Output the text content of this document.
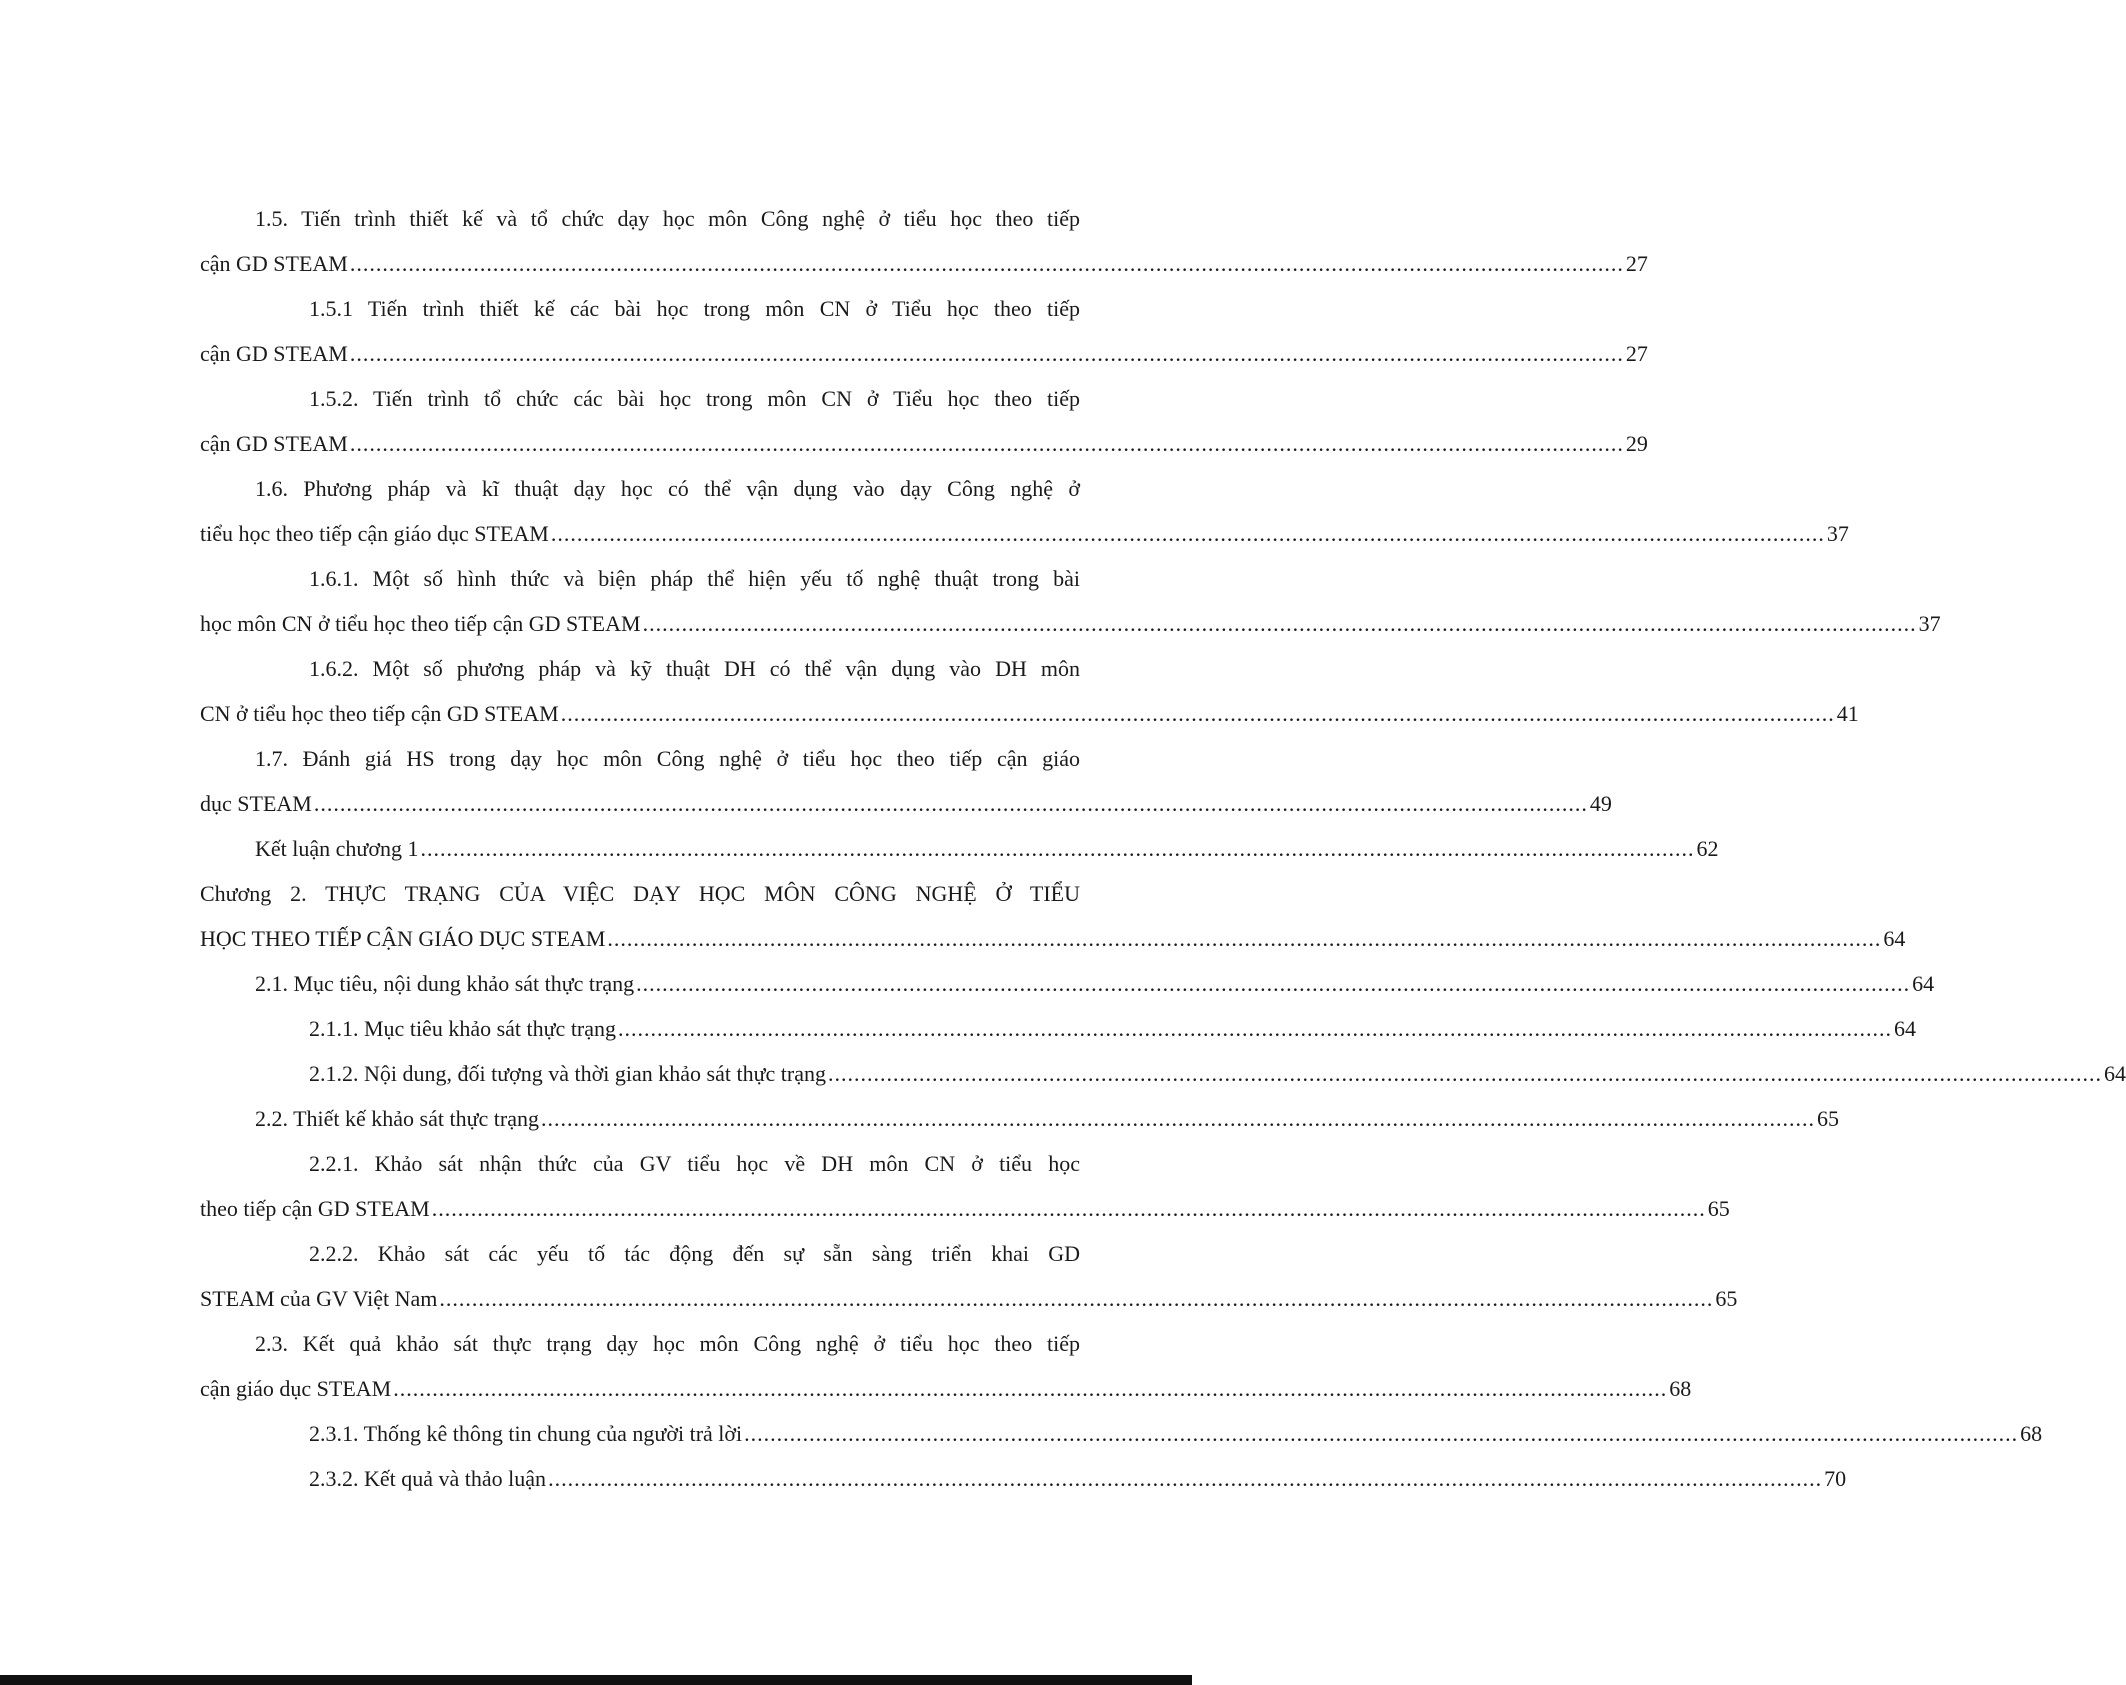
1.5. Tiến trình thiết kế và tổ chức dạy học môn Công nghệ ở tiểu học theo tiếp
cận GD STEAM .................................................................................................................................................................................................... 27
1.5.1 Tiến trình thiết kế các bài học trong môn CN ở Tiểu học theo tiếp
cận GD STEAM .................................................................................................................................................................................................... 27
1.5.2. Tiến trình tổ chức các bài học trong môn CN ở Tiểu học theo tiếp
cận GD STEAM .................................................................................................................................................................................................... 29
1.6. Phương pháp và kĩ thuật dạy học có thể vận dụng vào dạy Công nghệ ở
tiểu học theo tiếp cận giáo dục STEAM .................................................................................................................................................................................................... 37
1.6.1. Một số hình thức và biện pháp thể hiện yếu tố nghệ thuật trong bài
học môn CN ở tiểu học theo tiếp cận GD STEAM .................................................................................................................................................................................................... 37
1.6.2. Một số phương pháp và kỹ thuật DH có thể vận dụng vào DH môn
CN ở tiểu học theo tiếp cận GD STEAM .................................................................................................................................................................................................... 41
1.7. Đánh giá HS trong dạy học môn Công nghệ ở tiểu học theo tiếp cận giáo
dục STEAM .................................................................................................................................................................................................... 49
Kết luận chương 1 .................................................................................................................................................................................................... 62
Chương 2. THỰC TRẠNG CỦA VIỆC DẠY HỌC MÔN CÔNG NGHỆ Ở TIỂU
HỌC THEO TIẾP CẬN GIÁO DỤC STEAM .................................................................................................................................................................................................... 64
2.1. Mục tiêu, nội dung khảo sát thực trạng .................................................................................................................................................................................................... 64
2.1.1. Mục tiêu khảo sát thực trạng .................................................................................................................................................................................................... 64
2.1.2. Nội dung, đối tượng và thời gian khảo sát thực trạng .................................................................................................................................................................................................... 64
2.2. Thiết kế khảo sát thực trạng .................................................................................................................................................................................................... 65
2.2.1. Khảo sát nhận thức của GV tiểu học về DH môn CN ở tiểu học
theo tiếp cận GD STEAM .................................................................................................................................................................................................... 65
2.2.2. Khảo sát các yếu tố tác động đến sự sẵn sàng triển khai GD
STEAM của GV Việt Nam .................................................................................................................................................................................................... 65
2.3. Kết quả khảo sát thực trạng dạy học môn Công nghệ ở tiểu học theo tiếp
cận giáo dục STEAM .................................................................................................................................................................................................... 68
2.3.1. Thống kê thông tin chung của người trả lời .................................................................................................................................................................................................... 68
2.3.2. Kết quả và thảo luận .................................................................................................................................................................................................... 70
